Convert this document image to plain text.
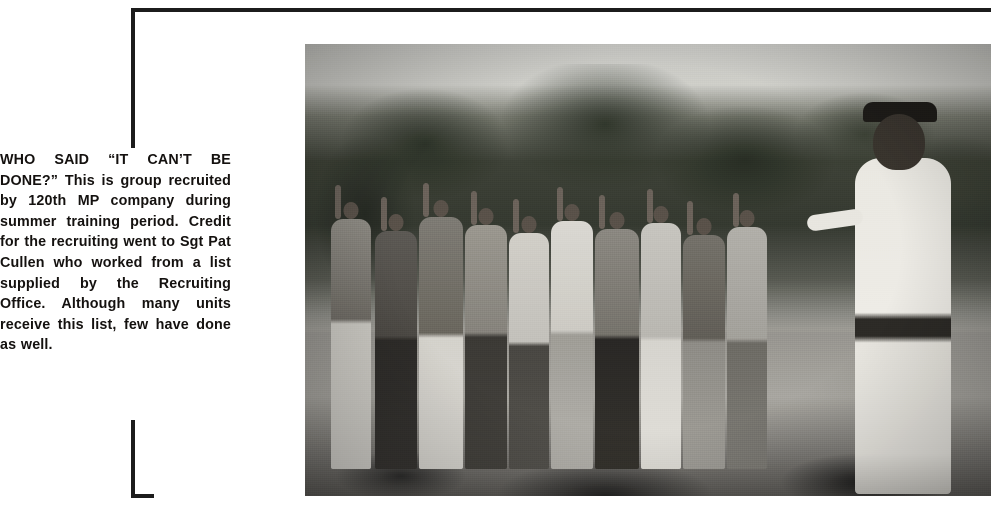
WHO SAID “IT CAN’T BE DONE?” This is group recruited by 120th MP company during summer training period. Credit for the recruiting went to Sgt Pat Cullen who worked from a list supplied by the Recruiting Office. Although many units receive this list, few have done as well.
